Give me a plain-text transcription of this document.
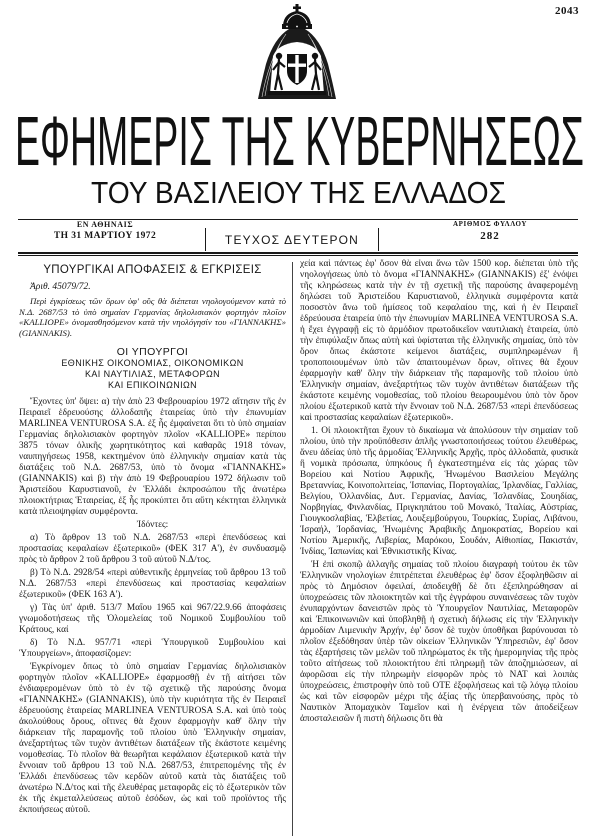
2043
ΕΦΗΜΕΡΙΣ ΤΗΣ ΚΥΒΕΡΝΗΣΕΩΣ
ΤΟΥ ΒΑΣΙΛΕΙΟΥ ΤΗΣ ΕΛΛΑΔΟΣ
ΕΝ ΑΘΗΝΑΙΣ
ΤΗ 31 ΜΑΡΤΙΟΥ 1972	ΤΕΥΧΟΣ ΔΕΥΤΕΡΟΝ
ΑΡΙΘΜΟΣ ΦΥΛΛΟΥ
282
ΥΠΟΥΡΓΙΚΑΙ ΑΠΟΦΑΣΕΙΣ & ΕΓΚΡΙΣΕΙΣ
Ἀριθ. 45079/72.

Περὶ ἐγκρίσεως τῶν ὅρων ὑφ' οὓς θὰ διέπεται νηολογούμενον κατὰ τὸ Ν.Δ. 2687/53 τὸ ὑπὸ σημαίαν Γερμανίας δηλολισιακὸν φορτηγὸν πλοῖον «KALLIOPE» ὀνομασθησόμενον κατὰ τὴν νηολόγησίν του «ΓΙΑΝΝΑΚΗΣ» (GIANNAKIS).

ΟΙ ΥΠΟΥΡΓΟΙ
ΕΘΝΙΚΗΣ ΟΙΚΟΝΟΜΙΑΣ, ΟΙΚΟΝΟΜΙΚΩΝ
ΚΑΙ ΝΑΥΤΙΛΙΑΣ, ΜΕΤΑΦΟΡΩΝ
ΚΑΙ ΕΠΙΚΟΙΝΩΝΙΩΝ

Ἔχοντες ὑπ' ὄψει: α) τὴν ἀπὸ 23 Φεβρουαρίου 1972 αἴτησιν τῆς ἐν Πειραιεῖ ἑδρευούσης ἀλλοδαπῆς ἑταιρείας ὑπὸ τὴν ἐπωνυμίαν MARLINEA VENTUROSA S.A. ἐξ ἧς ἐμφαίνεται ὅτι τὸ ὑπὸ σημαίαν Γερμανίας δηλολισιακὸν φορτηγὸν πλοῖον «KALLIOPE» περίπου 3875 τόνων ὁλικῆς χωρητικότητος καὶ καθαρᾶς 1918 τόνων, ναυπηγήσεως 1958, κεκτημένον ὑπὸ ἑλληνικὴν σημαίαν κατὰ τὰς διατάξεις τοῦ Ν.Δ. 2687/53, ὑπὸ τὸ ὄνομα «ΓΙΑΝΝΑΚΗΣ» (GIANNAKIS) καὶ β) τὴν ἀπὸ 19 Φεβρουαρίου 1972 δήλωσιν τοῦ Ἀριστείδου Καρυστιανοῦ, ἐν Ἑλλάδι ἐκπροσώπου τῆς ἀνωτέρω πλοιοκτήτριας Ἑταιρείας, ἐξ ἧς προκύπτει ὅτι αὕτη κέκτηται ἑλληνικὰ κατὰ πλειοψηφίαν συμφέροντα.

Ἰδόντες:

α) Τὸ ἄρθρον 13 τοῦ Ν.Δ. 2687/53 «περὶ ἐπενδύσεως καὶ προστασίας κεφαλαίων ἐξωτερικοῦ» (ΦΕΚ 317 Α'), ἐν συνδυασμῷ πρὸς τὸ ἄρθρον 2 τοῦ ἄρθρου 3 τοῦ αὐτοῦ Ν.Δ/τος.

β) Τὸ Ν.Δ. 2928/54 «περὶ αὐθεντικῆς ἑρμηνείας τοῦ ἄρθρου 13 τοῦ Ν.Δ. 2687/53 «περὶ ἐπενδύσεως καὶ προστασίας κεφαλαίων ἐξωτερικοῦ» (ΦΕΚ 163 Α').

γ) Τὰς ὑπ' ἀριθ. 513/7 Μαΐου 1965 καὶ 967/22.9.66 ἀποφάσεις γνωμοδοτήσεως τῆς Ὁλομελείας τοῦ Νομικοῦ Συμβουλίου τοῦ Κράτους, καί

δ) Τὸ Ν.Δ. 957/71 «περὶ Ὑπουργικοῦ Συμβουλίου καὶ Ὑπουργείων», ἀποφασίζομεν:

Ἐγκρίνομεν ὅπως τὸ ὑπὸ σημαίαν Γερμανίας δηλολισιακὸν φορτηγὸν πλοῖον «KALLIOPE» ἐφαρμοσθῇ ἐν τῇ αἰτήσει τῶν ἐνδιαφερομένων ὑπὸ τὸ ἐν τῷ σχετικῷ τῆς παρούσης ὄνομα «ΓΙΑΝΝΑΚΗΣ» (GIANNAKIS), ὑπὸ τὴν κυριότητα τῆς ἐν Πειραιεῖ ἑδρευούσης ἑταιρείας MARLINEA VENTUROSA S.A. καὶ ὑπὸ τοὺς ἀκολούθους ὅρους, οἵτινες θὰ ἔχουν ἐφαρμογὴν καθ' ὅλην τὴν διάρκειαν τῆς παραμονῆς τοῦ πλοίου ὑπὸ Ἑλληνικὴν σημαίαν, ἀνεξαρτήτως τῶν τυχὸν ἀντιθέτων διατάξεων τῆς ἑκάστοτε κειμένης νομοθεσίας. Τὸ πλοῖον θὰ θεωρῆται κεφάλαιον ἐξωτερικοῦ κατὰ τὴν ἔννοιαν τοῦ ἄρθρου 13 τοῦ Ν.Δ. 2687/53, ἐπιτρεπομένης τῆς ἐν Ἑλλάδι ἐπενδύσεως τῶν κερδῶν αὐτοῦ κατὰ τὰς διατάξεις τοῦ ἀνωτέρω Ν.Δ/τος καὶ τῆς ἐλευθέρας μεταφορᾶς εἰς τὸ ἐξωτερικὸν τῶν ἐκ τῆς ἐκμεταλλεύσεως αὐτοῦ ἐσόδων, ὡς καὶ τοῦ προϊόντος τῆς ἐκποιήσεως αὐτοῦ.

χεία καὶ πάντως ἐφ' ὅσον θὰ εἶναι ἄνω τῶν 1500 κορ. διέπεται ὑπὸ τῆς νηολογήσεως ὑπὸ τὸ ὄνομα «ΓΙΑΝΝΑΚΗΣ» (GIANNAKIS) ἐξ' ἐνόψει τῆς κληρώσεως κατὰ τὴν ἐν τῇ σχετικῇ τῆς παρούσης ἀναφερομένῃ δηλώσει τοῦ Ἀριστείδου Καρυστιανοῦ, ἑλληνικὰ συμφέροντα κατὰ ποσοστὸν ἄνω τοῦ ἡμίσεος τοῦ κεφαλαίου της, καὶ ἡ ἐν Πειραιεῖ ἑδρεύουσα ἑταιρεία ὑπὸ τὴν ἐπωνυμίαν MARLINEA VENTUROSA S.A. ἡ ἔχει ἐγγραφῇ εἰς τὸ ἁρμόδιον πρωτοδικεῖον ναυτιλιακὴ ἑταιρεία, ὑπὸ τὴν ἐπιφύλαξιν ὅπως αὐτὴ καὶ ὑφίσταται τῆς ἑλληνικῆς σημαίας, ὑπὸ τὸν ὅρον ὅπως ἐκάστοτε κείμενοι διατάξεις, συμπληρωμένων ἢ τροποποιουμένων ὑπὸ τῶν ἀπαιτουμένων ὅρων, οἵτινες θὰ ἔχουν ἐφαρμογὴν καθ' ὅλην τὴν διάρκειαν τῆς παραμονῆς τοῦ πλοίου ὑπὸ Ἑλληνικὴν σημαίαν, ἀνεξαρτήτως τῶν τυχὸν ἀντιθέτων διατάξεων τῆς ἑκάστοτε κειμένης νομοθεσίας, τοῦ πλοίου θεωρουμένου ὑπὸ τὸν ὅρον πλοίου ἐξωτερικοῦ κατὰ τὴν ἔννοιαν τοῦ Ν.Δ. 2687/53 «περὶ ἐπενδύσεως καὶ προστασίας κεφαλαίων ἐξωτερικοῦ».

1. Οἱ πλοιοκτῆται ἔχουν τὸ δικαίωμα νὰ ἀπολύσουν τὴν σημαίαν τοῦ πλοίου, ὑπὸ τὴν προϋπόθεσιν ἁπλῆς γνωστοποιήσεως τούτου ἐλευθέρως, ἄνευ ἀδείας ὑπὸ τῆς ἁρμοδίας Ἑλληνικῆς Ἀρχῆς, πρὸς ἀλλοδαπὰ, φυσικὰ ἢ νομικὰ πρόσωπα, ὑπηκόους ἢ ἐγκατεστημένα εἰς τὰς χώρας τῶν Βορείου καὶ Νοτίου Ἀφρικῆς, Ἡνωμένου Βασιλείου Μεγάλης Βρεταννίας, Κοινοπολιτείας, Ἰσπανίας, Πορτογαλίας, Ἰρλανδίας, Γαλλίας, Βελγίου, Ὀλλανδίας, Δυτ. Γερμανίας, Δανίας, Ἰσλανδίας, Σουηδίας, Νορβηγίας, Φινλανδίας, Πριγκηπάτου τοῦ Μονακό, Ἰταλίας, Αὐστρίας, Γιουγκοσλαβίας, Ἑλβετίας, Λουξεμβούργου, Τουρκίας, Συρίας, Λιβάνου, Ἰσραήλ, Ἰορδανίας, Ἡνωμένης Ἀραβικῆς Δημοκρατίας, Βορείου καὶ Νοτίου Ἀμερικῆς, Λιβερίας, Μαρόκου, Σουδάν, Αἰθιοπίας, Πακιστάν, Ἰνδίας, Ἰαπωνίας καὶ Ἐθνικιστικῆς Κίνας.

Ἡ ἐπὶ σκοπῷ ἀλλαγῆς σημαίας τοῦ πλοίου διαγραφὴ τούτου ἐκ τῶν Ἑλληνικῶν νηολογίων ἐπιτρέπεται ἐλευθέρως ἐφ' ὅσον ἐξοφληθῶσιν αἱ πρὸς τὸ Δημόσιον ὀφειλαί, ἀποδειχθῇ δὲ ὅτι ἐξεπληρώθησαν αἱ ὑποχρεώσεις τῶν πλοιοκτητῶν καὶ τῆς ἐγγράφου συναινέσεως τῶν τυχὸν ἐνυπαρχόντων δανειστῶν πρὸς τὸ Ὑπουργεῖον Ναυτιλίας, Μεταφορῶν καὶ Ἐπικοινωνιῶν καὶ ὑποβληθῇ ἡ σχετικὴ δήλωσις εἰς τὴν Ἑλληνικὴν ἁρμοδίαν Λιμενικὴν Ἀρχήν, ἐφ' ὅσον δὲ τυχὸν ὑποθῆκαι βαρύνουσαι τὸ πλοῖον ἐξεδόθησαν ὑπὲρ τῶν οἰκείων Ἑλληνικῶν Ὑπηρεσιῶν, ἐφ' ὅσον τὰς ἐξαρτήσεις τῶν μελῶν τοῦ πληρώματος ἐκ τῆς ἡμερομηνίας τῆς πρὸς τοῦτο αἰτήσεως τοῦ πλοιοκτήτου ἐπὶ πληρωμῇ τῶν ἀποζημιώσεων, αἱ ἀφορῶσαι εἰς τὴν πληρωμὴν εἰσφορῶν πρὸς τὸ ΝΑΤ καὶ λοιπὰς ὑποχρεώσεις, ἐπιστροφὴν ὑπὸ τοῦ ΟΤΕ ἐξοφλήσεως καὶ τῷ λόγῳ πλοίου ὡς καὶ τῶν εἰσφορῶν μέχρι τῆς ἀξίας τῆς ὑπερβαινούσης, πρὸς τὸ Ναυτικὸν Ἀπομαχικὸν Ταμεῖον καὶ ἡ ἐνέργεια τῶν ἀποδείξεων ἀποσταλεισῶν ἢ πιστὴ δήλωσις ὅτι θὰ
